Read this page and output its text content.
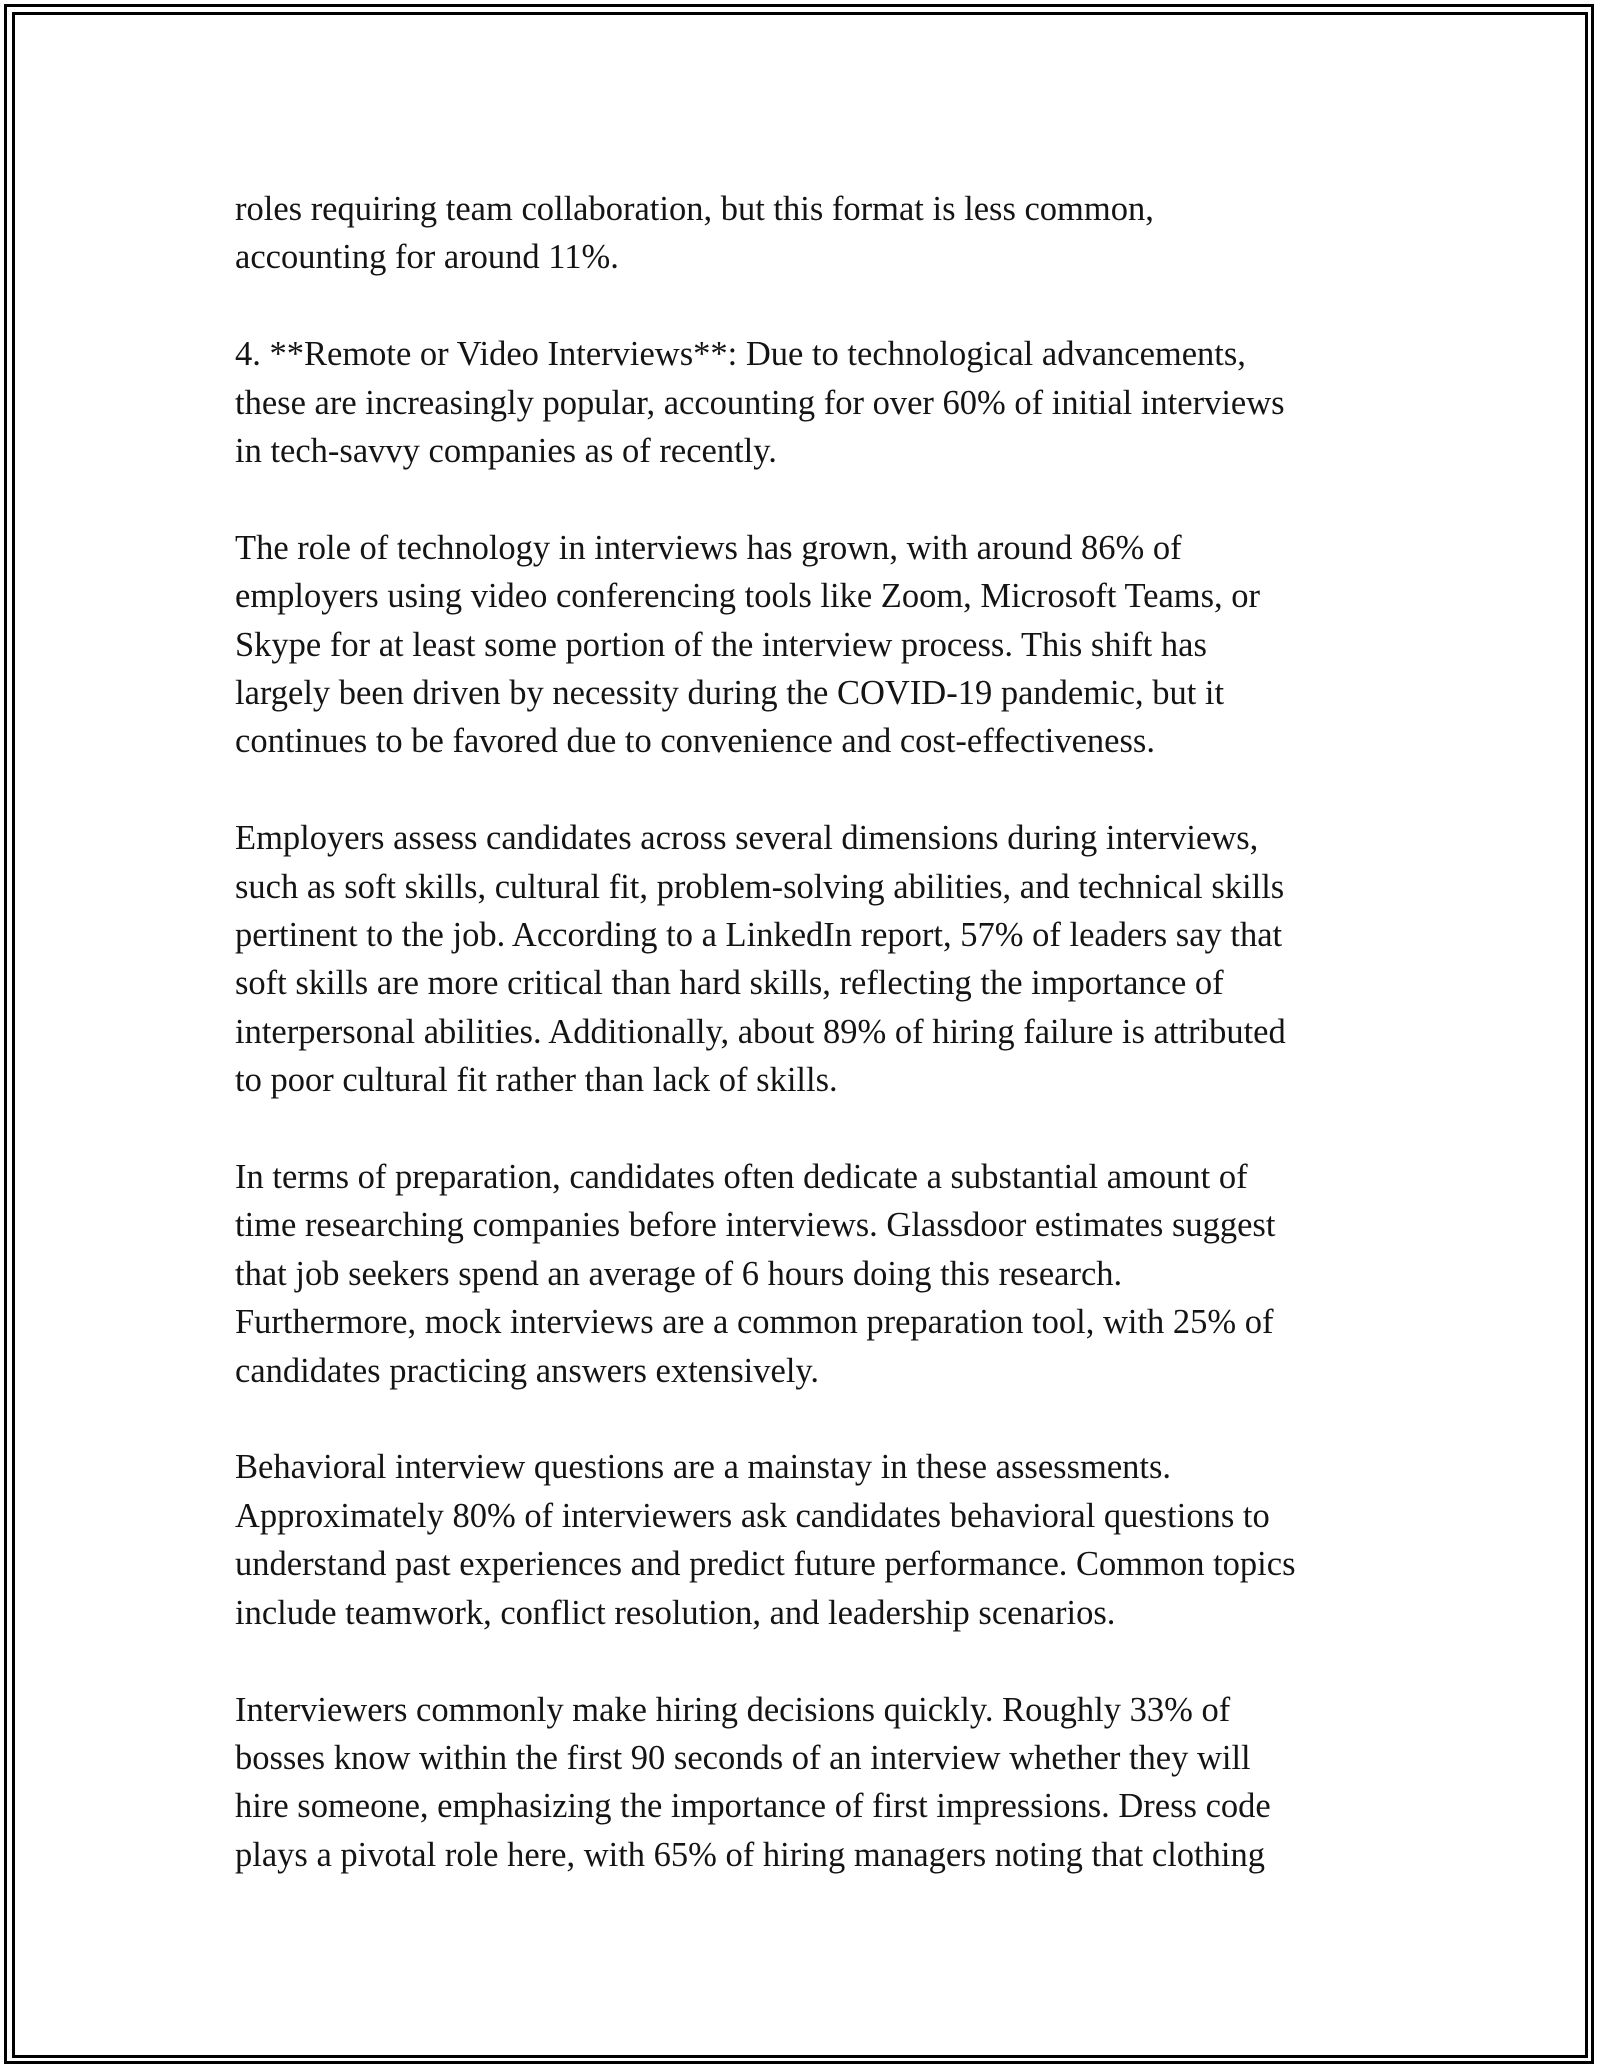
roles requiring team collaboration, but this format is less common,
accounting for around 11%.

4. **Remote or Video Interviews**: Due to technological advancements,
these are increasingly popular, accounting for over 60% of initial interviews
in tech-savvy companies as of recently.

The role of technology in interviews has grown, with around 86% of
employers using video conferencing tools like Zoom, Microsoft Teams, or
Skype for at least some portion of the interview process. This shift has
largely been driven by necessity during the COVID-19 pandemic, but it
continues to be favored due to convenience and cost-effectiveness.

Employers assess candidates across several dimensions during interviews,
such as soft skills, cultural fit, problem-solving abilities, and technical skills
pertinent to the job. According to a LinkedIn report, 57% of leaders say that
soft skills are more critical than hard skills, reflecting the importance of
interpersonal abilities. Additionally, about 89% of hiring failure is attributed
to poor cultural fit rather than lack of skills.

In terms of preparation, candidates often dedicate a substantial amount of
time researching companies before interviews. Glassdoor estimates suggest
that job seekers spend an average of 6 hours doing this research.
Furthermore, mock interviews are a common preparation tool, with 25% of
candidates practicing answers extensively.

Behavioral interview questions are a mainstay in these assessments.
Approximately 80% of interviewers ask candidates behavioral questions to
understand past experiences and predict future performance. Common topics
include teamwork, conflict resolution, and leadership scenarios.

Interviewers commonly make hiring decisions quickly. Roughly 33% of
bosses know within the first 90 seconds of an interview whether they will
hire someone, emphasizing the importance of first impressions. Dress code
plays a pivotal role here, with 65% of hiring managers noting that clothing
